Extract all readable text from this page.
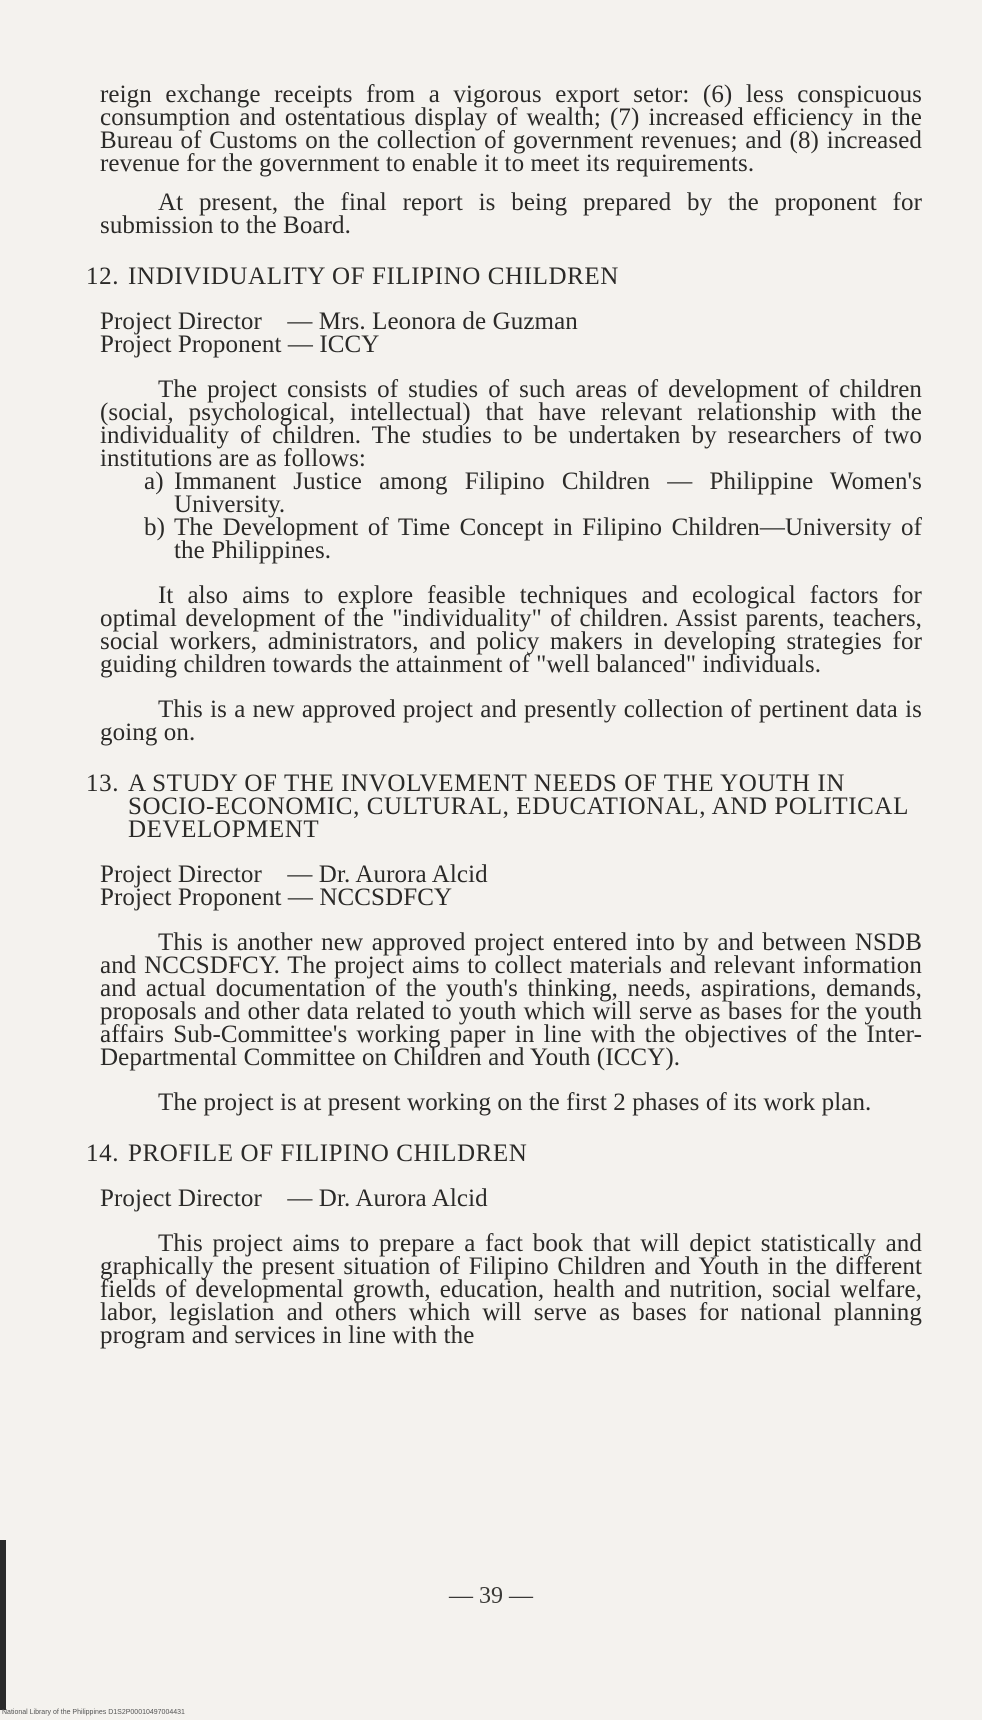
reign exchange receipts from a vigorous export setor: (6) less conspicuous consumption and ostentatious display of wealth; (7) increased efficiency in the Bureau of Customs on the collection of government revenues; and (8) increased revenue for the government to enable it to meet its requirements.

At present, the final report is being prepared by the proponent for submission to the Board.

12. INDIVIDUALITY OF FILIPINO CHILDREN
Project Director    — Mrs. Leonora de Guzman
Project Proponent — ICCY

The project consists of studies of such areas of development of children (social, psychological, intellectual) that have relevant relationship with the individuality of children. The studies to be undertaken by researchers of two institutions are as follows:

a) Immanent Justice among Filipino Children — Philippine Women's University.
b) The Development of Time Concept in Filipino Children—University of the Philippines.

It also aims to explore feasible techniques and ecological factors for optimal development of the "individuality" of children. Assist parents, teachers, social workers, administrators, and policy makers in developing strategies for guiding children towards the attainment of "well balanced" individuals.

This is a new approved project and presently collection of pertinent data is going on.

13. A STUDY OF THE INVOLVEMENT NEEDS OF THE YOUTH IN SOCIO-ECONOMIC, CULTURAL, EDUCATIONAL, AND POLITICAL DEVELOPMENT
Project Director    — Dr. Aurora Alcid
Project Proponent — NCCSDFCY

This is another new approved project entered into by and between NSDB and NCCSDFCY. The project aims to collect materials and relevant information and actual documentation of the youth's thinking, needs, aspirations, demands, proposals and other data related to youth which will serve as bases for the youth affairs Sub-Committee's working paper in line with the objectives of the Inter-Departmental Committee on Children and Youth (ICCY).

The project is at present working on the first 2 phases of its work plan.

14. PROFILE OF FILIPINO CHILDREN
Project Director    — Dr. Aurora Alcid

This project aims to prepare a fact book that will depict statistically and graphically the present situation of Filipino Children and Youth in the different fields of developmental growth, education, health and nutrition, social welfare, labor, legislation and others which will serve as bases for national planning program and services in line with the

— 39 —
National Library of the Philippines D1S2P00010497004431
